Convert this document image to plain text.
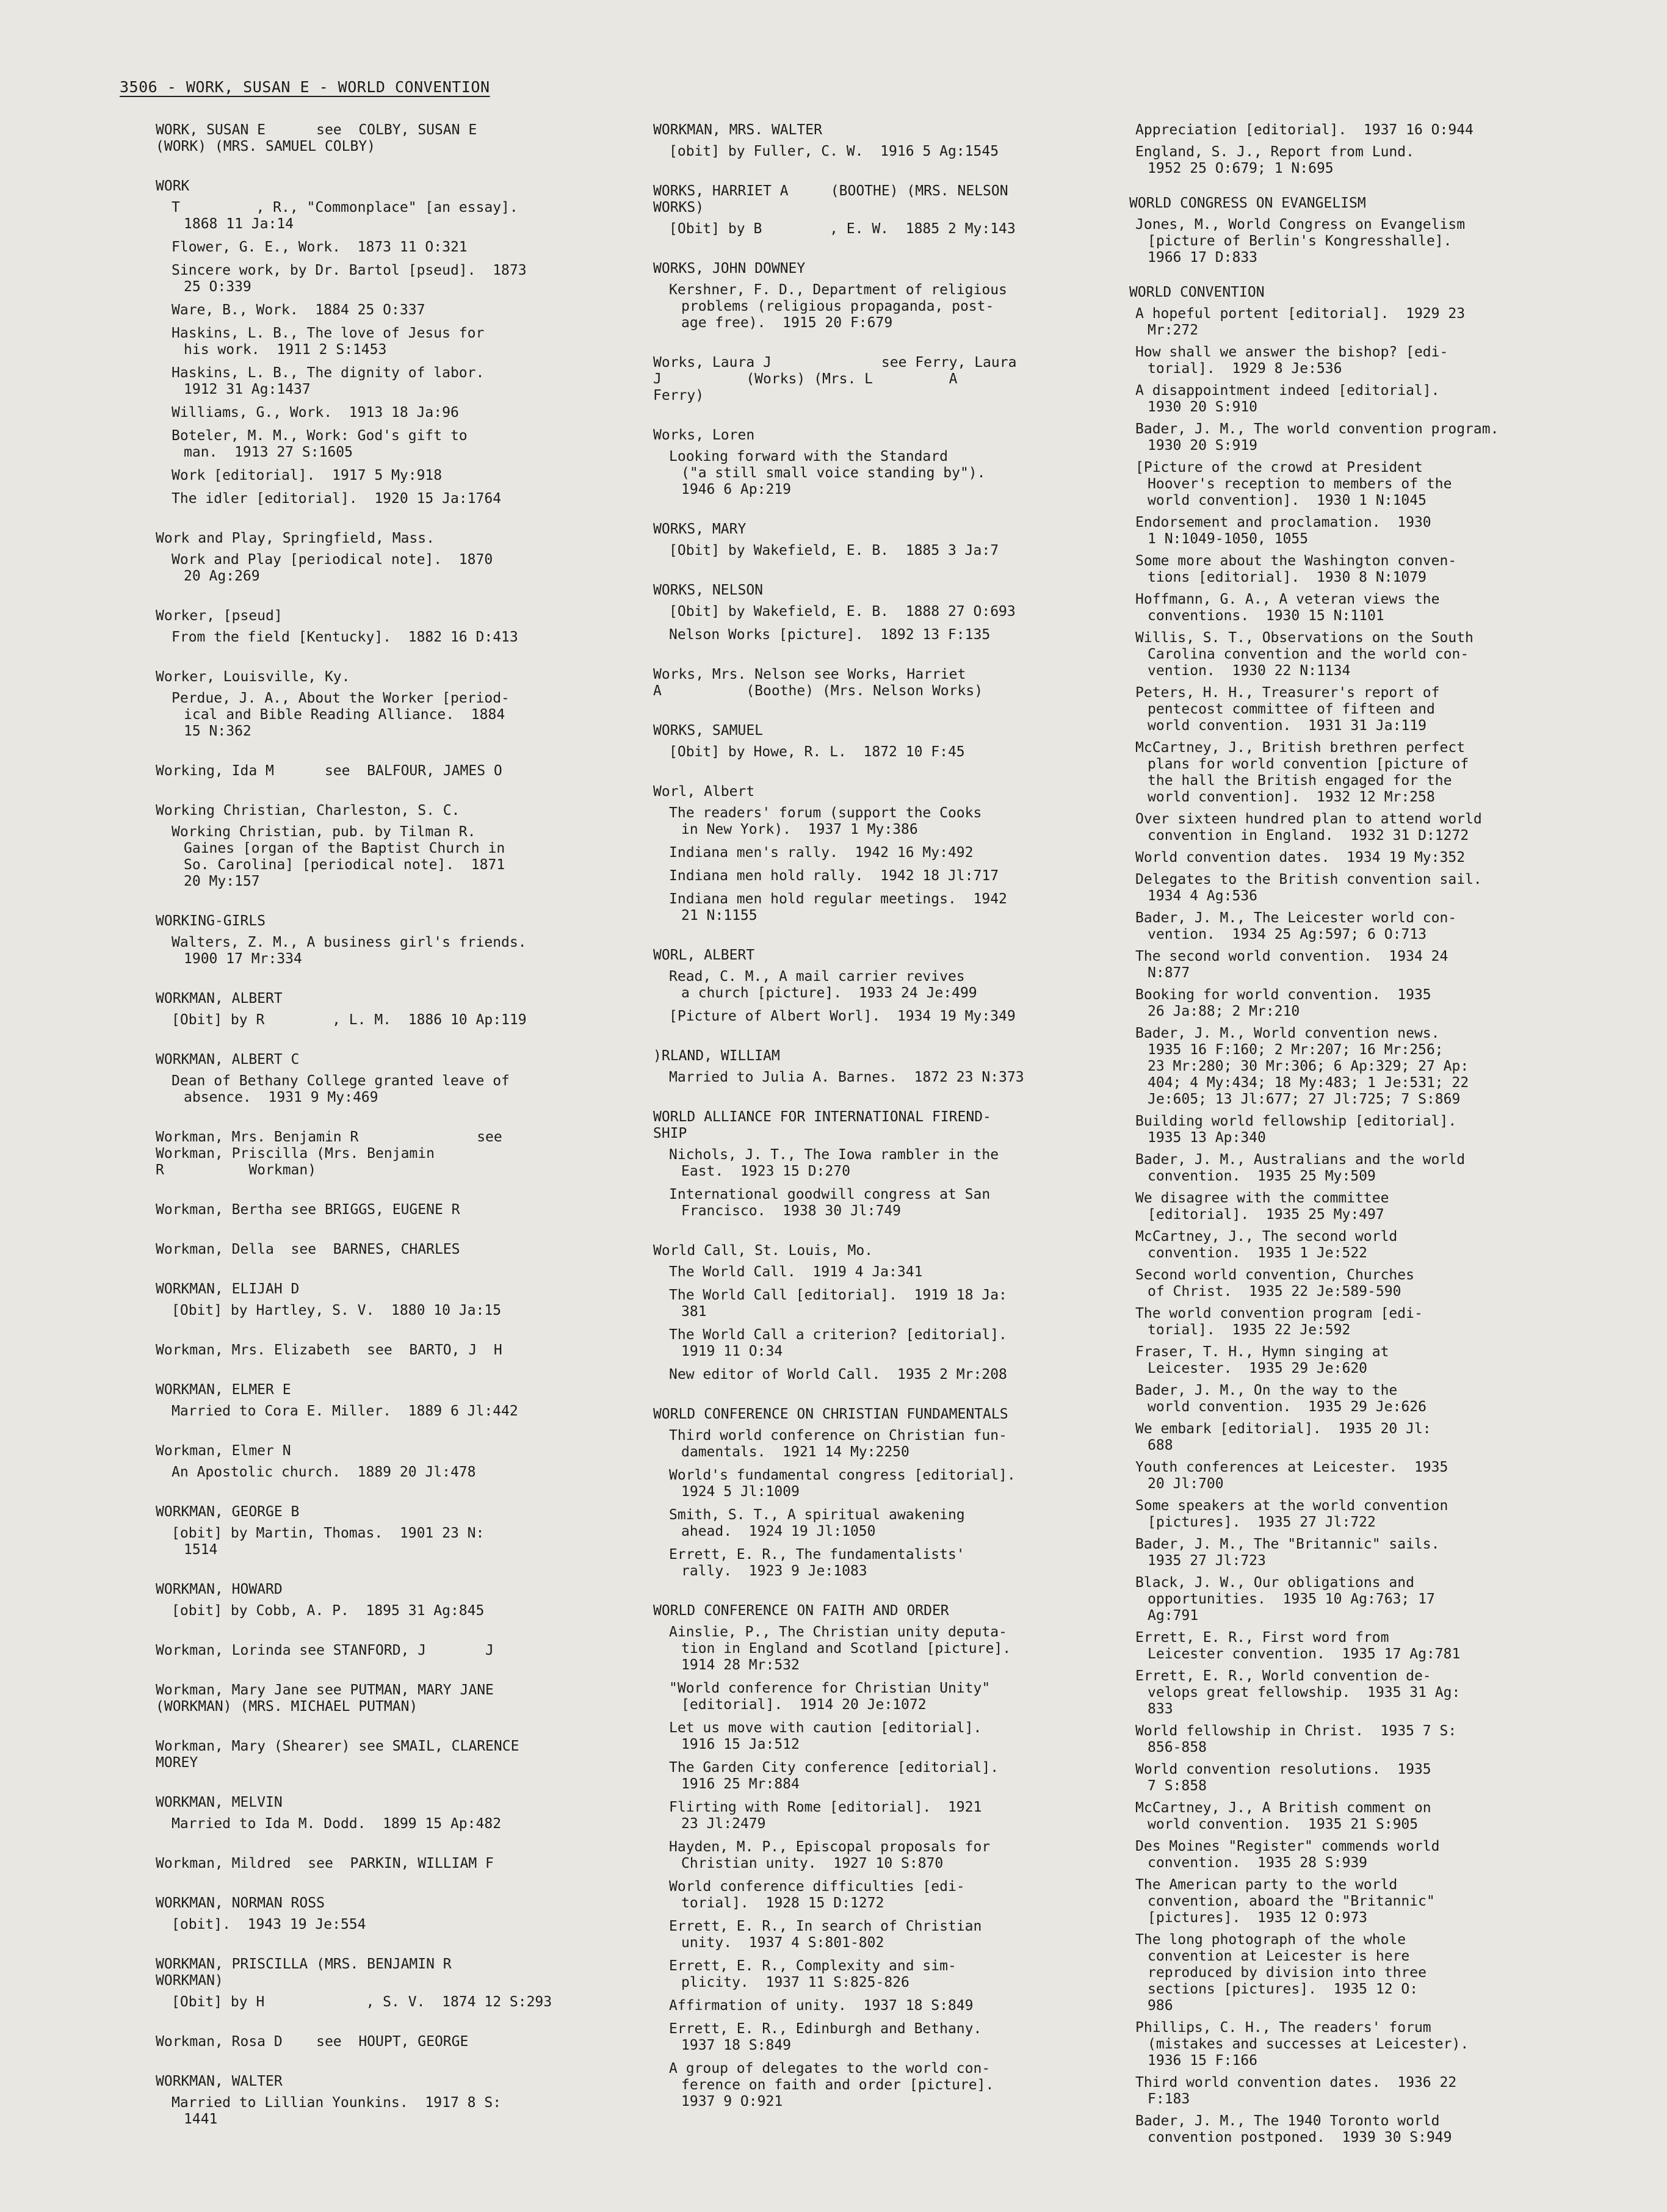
3506 - WORK, SUSAN E - WORLD CONVENTION
WORK, SUSAN E      see  COLBY, SUSAN E
(WORK) (MRS. SAMUEL COLBY)
WORK
T         , R., "Commonplace" [an essay].
1868 11 Ja:14
Flower, G. E., Work.  1873 11 O:321
Sincere work, by Dr. Bartol [pseud].  1873
25 O:339
Ware, B., Work.  1884 25 O:337
Haskins, L. B., The love of Jesus for
his work.  1911 2 S:1453
Haskins, L. B., The dignity of labor.
1912 31 Ag:1437
Williams, G., Work.  1913 18 Ja:96
Boteler, M. M., Work: God's gift to
man.  1913 27 S:1605
Work [editorial].  1917 5 My:918
The idler [editorial].  1920 15 Ja:1764
Work and Play, Springfield, Mass.
Work and Play [periodical note].  1870
20 Ag:269
Worker, [pseud]
From the field [Kentucky].  1882 16 D:413
Worker, Louisville, Ky.
Perdue, J. A., About the Worker [period-
ical and Bible Reading Alliance.  1884
15 N:362
Working, Ida M      see  BALFOUR, JAMES O
Working Christian, Charleston, S. C.
Working Christian, pub. by Tilman R.
Gaines [organ of the Baptist Church in
So. Carolina] [periodical note].  1871
20 My:157
WORKING-GIRLS
Walters, Z. M., A business girl's friends.
1900 17 Mr:334
WORKMAN, ALBERT
[Obit] by R        , L. M.  1886 10 Ap:119
WORKMAN, ALBERT C
Dean of Bethany College granted leave of
absence.  1931 9 My:469
Workman, Mrs. Benjamin R              see
Workman, Priscilla (Mrs. Benjamin
R          Workman)
Workman, Bertha see BRIGGS, EUGENE R
Workman, Della  see  BARNES, CHARLES
WORKMAN, ELIJAH D
[Obit] by Hartley, S. V.  1880 10 Ja:15
Workman, Mrs. Elizabeth  see  BARTO, J  H
WORKMAN, ELMER E
Married to Cora E. Miller.  1889 6 Jl:442
Workman, Elmer N
An Apostolic church.  1889 20 Jl:478
WORKMAN, GEORGE B
[obit] by Martin, Thomas.  1901 23 N:
1514
WORKMAN, HOWARD
[obit] by Cobb, A. P.  1895 31 Ag:845
Workman, Lorinda see STANFORD, J       J
Workman, Mary Jane see PUTMAN, MARY JANE
(WORKMAN) (MRS. MICHAEL PUTMAN)
Workman, Mary (Shearer) see SMAIL, CLARENCE
MOREY
WORKMAN, MELVIN
Married to Ida M. Dodd.  1899 15 Ap:482
Workman, Mildred  see  PARKIN, WILLIAM F
WORKMAN, NORMAN ROSS
[obit].  1943 19 Je:554
WORKMAN, PRISCILLA (MRS. BENJAMIN R
WORKMAN)
[Obit] by H            , S. V.  1874 12 S:293
Workman, Rosa D    see  HOUPT, GEORGE
WORKMAN, WALTER
Married to Lillian Younkins.  1917 8 S:
1441
WORKMAN, MRS. WALTER
[obit] by Fuller, C. W.  1916 5 Ag:1545
WORKS, HARRIET A     (BOOTHE) (MRS. NELSON
WORKS)
[Obit] by B        , E. W.  1885 2 My:143
WORKS, JOHN DOWNEY
Kershner, F. D., Department of religious
problems (religious propaganda, post-
age free).  1915 20 F:679
Works, Laura J             see Ferry, Laura
J          (Works) (Mrs. L         A
Ferry)
Works, Loren
Looking forward with the Standard
("a still small voice standing by").
1946 6 Ap:219
WORKS, MARY
[Obit] by Wakefield, E. B.  1885 3 Ja:7
WORKS, NELSON
[Obit] by Wakefield, E. B.  1888 27 O:693
Nelson Works [picture].  1892 13 F:135
Works, Mrs. Nelson see Works, Harriet
A          (Boothe) (Mrs. Nelson Works)
WORKS, SAMUEL
[Obit] by Howe, R. L.  1872 10 F:45
Worl, Albert
The readers' forum (support the Cooks
in New York).  1937 1 My:386
Indiana men's rally.  1942 16 My:492
Indiana men hold rally.  1942 18 Jl:717
Indiana men hold regular meetings.  1942
21 N:1155
WORL, ALBERT
Read, C. M., A mail carrier revives
a church [picture].  1933 24 Je:499
[Picture of Albert Worl].  1934 19 My:349
)RLAND, WILLIAM
Married to Julia A. Barnes.  1872 23 N:373
WORLD ALLIANCE FOR INTERNATIONAL FIREND-
SHIP
Nichols, J. T., The Iowa rambler in the
East.  1923 15 D:270
International goodwill congress at San
Francisco.  1938 30 Jl:749
World Call, St. Louis, Mo.
The World Call.  1919 4 Ja:341
The World Call [editorial].  1919 18 Ja:
381
The World Call a criterion? [editorial].
1919 11 O:34
New editor of World Call.  1935 2 Mr:208
WORLD CONFERENCE ON CHRISTIAN FUNDAMENTALS
Third world conference on Christian fun-
damentals.  1921 14 My:2250
World's fundamental congress [editorial].
1924 5 Jl:1009
Smith, S. T., A spiritual awakening
ahead.  1924 19 Jl:1050
Errett, E. R., The fundamentalists'
rally.  1923 9 Je:1083
WORLD CONFERENCE ON FAITH AND ORDER
Ainslie, P., The Christian unity deputa-
tion in England and Scotland [picture].
1914 28 Mr:532
"World conference for Christian Unity"
[editorial].  1914 20 Je:1072
Let us move with caution [editorial].
1916 15 Ja:512
The Garden City conference [editorial].
1916 25 Mr:884
Flirting with Rome [editorial].  1921
23 Jl:2479
Hayden, M. P., Episcopal proposals for
Christian unity.  1927 10 S:870
World conference difficulties [edi-
torial].  1928 15 D:1272
Errett, E. R., In search of Christian
unity.  1937 4 S:801-802
Errett, E. R., Complexity and sim-
plicity.  1937 11 S:825-826
Affirmation of unity.  1937 18 S:849
Errett, E. R., Edinburgh and Bethany.
1937 18 S:849
A group of delegates to the world con-
ference on faith and order [picture].
1937 9 O:921
Appreciation [editorial].  1937 16 O:944
England, S. J., Report from Lund.
1952 25 O:679; 1 N:695
WORLD CONGRESS ON EVANGELISM
Jones, M., World Congress on Evangelism
[picture of Berlin's Kongresshalle].
1966 17 D:833
WORLD CONVENTION
A hopeful portent [editorial].  1929 23
Mr:272
How shall we answer the bishop? [edi-
torial].  1929 8 Je:536
A disappointment indeed [editorial].
1930 20 S:910
Bader, J. M., The world convention program.
1930 20 S:919
[Picture of the crowd at President
Hoover's reception to members of the
world convention].  1930 1 N:1045
Endorsement and proclamation.  1930
1 N:1049-1050, 1055
Some more about the Washington conven-
tions [editorial].  1930 8 N:1079
Hoffmann, G. A., A veteran views the
conventions.  1930 15 N:1101
Willis, S. T., Observations on the South
Carolina convention and the world con-
vention.  1930 22 N:1134
Peters, H. H., Treasurer's report of
pentecost committee of fifteen and
world convention.  1931 31 Ja:119
McCartney, J., British brethren perfect
plans for world convention [picture of
the hall the British engaged for the
world convention].  1932 12 Mr:258
Over sixteen hundred plan to attend world
convention in England.  1932 31 D:1272
World convention dates.  1934 19 My:352
Delegates to the British convention sail.
1934 4 Ag:536
Bader, J. M., The Leicester world con-
vention.  1934 25 Ag:597; 6 O:713
The second world convention.  1934 24
N:877
Booking for world convention.  1935
26 Ja:88; 2 Mr:210
Bader, J. M., World convention news.
1935 16 F:160; 2 Mr:207; 16 Mr:256;
23 Mr:280; 30 Mr:306; 6 Ap:329; 27 Ap:
404; 4 My:434; 18 My:483; 1 Je:531; 22
Je:605; 13 Jl:677; 27 Jl:725; 7 S:869
Building world fellowship [editorial].
1935 13 Ap:340
Bader, J. M., Australians and the world
convention.  1935 25 My:509
We disagree with the committee
[editorial].  1935 25 My:497
McCartney, J., The second world
convention.  1935 1 Je:522
Second world convention, Churches
of Christ.  1935 22 Je:589-590
The world convention program [edi-
torial].  1935 22 Je:592
Fraser, T. H., Hymn singing at
Leicester.  1935 29 Je:620
Bader, J. M., On the way to the
world convention.  1935 29 Je:626
We embark [editorial].  1935 20 Jl:
688
Youth conferences at Leicester.  1935
20 Jl:700
Some speakers at the world convention
[pictures].  1935 27 Jl:722
Bader, J. M., The "Britannic" sails.
1935 27 Jl:723
Black, J. W., Our obligations and
opportunities.  1935 10 Ag:763; 17
Ag:791
Errett, E. R., First word from
Leicester convention.  1935 17 Ag:781
Errett, E. R., World convention de-
velops great fellowship.  1935 31 Ag:
833
World fellowship in Christ.  1935 7 S:
856-858
World convention resolutions.  1935
7 S:858
McCartney, J., A British comment on
world convention.  1935 21 S:905
Des Moines "Register" commends world
convention.  1935 28 S:939
The American party to the world
convention, aboard the "Britannic"
[pictures].  1935 12 O:973
The long photograph of the whole
convention at Leicester is here
reproduced by division into three
sections [pictures].  1935 12 O:
986
Phillips, C. H., The readers' forum
(mistakes and successes at Leicester).
1936 15 F:166
Third world convention dates.  1936 22
F:183
Bader, J. M., The 1940 Toronto world
convention postponed.  1939 30 S:949
